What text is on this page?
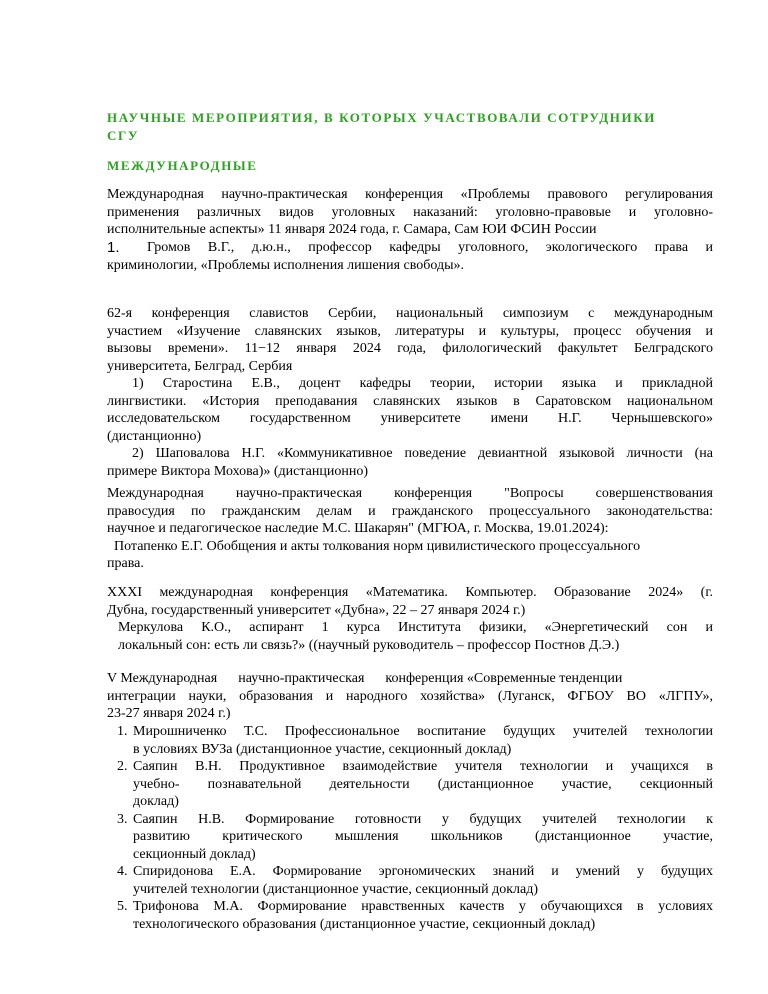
НАУЧНЫЕ МЕРОПРИЯТИЯ, В КОТОРЫХ УЧАСТВОВАЛИ СОТРУДНИКИ
СГУ
МЕЖДУНАРОДНЫЕ
Международная научно-практическая конференция «Проблемы правового регулирования
применения различных видов уголовных наказаний: уголовно-правовые и уголовно-
исполнительные аспекты» 11 января 2024 года, г. Самара, Сам ЮИ ФСИН России
1.	Громов В.Г., д.ю.н., профессор кафедры уголовного, экологического права и
криминологии, «Проблемы исполнения лишения свободы».
62-я конференция славистов Сербии, национальный симпозиум с международным
участием «Изучение славянских языков, литературы и культуры, процесс обучения и
вызовы времени». 11−12 января 2024 года, филологический факультет Белградского
университета, Белград, Сербия
1) Старостина Е.В., доцент кафедры теории, истории языка и прикладной
лингвистики. «История преподавания славянских языков в Саратовском национальном
исследовательском государственном университете имени Н.Г. Чернышевского»
(дистанционно)
2) Шаповалова Н.Г. «Коммуникативное поведение девиантной языковой личности (на
примере Виктора Мохова)» (дистанционно)
Международная научно-практическая конференция "Вопросы совершенствования
правосудия по гражданским делам и гражданского процессуального законодательства:
научное и педагогическое наследие М.С. Шакарян" (МГЮА, г. Москва, 19.01.2024):
Потапенко Е.Г. Обобщения и акты толкования норм цивилистического процессуального
права.
XXXI международная конференция «Математика. Компьютер. Образование 2024» (г.
Дубна, государственный университет «Дубна», 22 – 27 января 2024 г.)
Меркулова К.О., аспирант 1 курса Института физики, «Энергетический сон и
локальный сон: есть ли связь?» ((научный руководитель – профессор Постнов Д.Э.)
V Международная      научно-практическая      конференция «Современные тенденции
интеграции науки, образования и народного хозяйства» (Луганск, ФГБОУ ВО «ЛГПУ»,
23-27 января 2024 г.)
1. Мирошниченко Т.С. Профессиональное воспитание будущих учителей технологии
в условиях ВУЗа (дистанционное участие, секционный доклад)
2. Саяпин В.Н. Продуктивное взаимодействие учителя технологии и учащихся в
учебно- познавательной деятельности (дистанционное участие, секционный
доклад)
3. Саяпин Н.В. Формирование готовности у будущих учителей технологии к
развитию критического мышления школьников (дистанционное участие,
секционный доклад)
4. Спиридонова Е.А. Формирование эргономических знаний и умений у будущих
учителей технологии (дистанционное участие, секционный доклад)
5. Трифонова М.А. Формирование нравственных качеств у обучающихся в условиях
технологического образования (дистанционное участие, секционный доклад)
